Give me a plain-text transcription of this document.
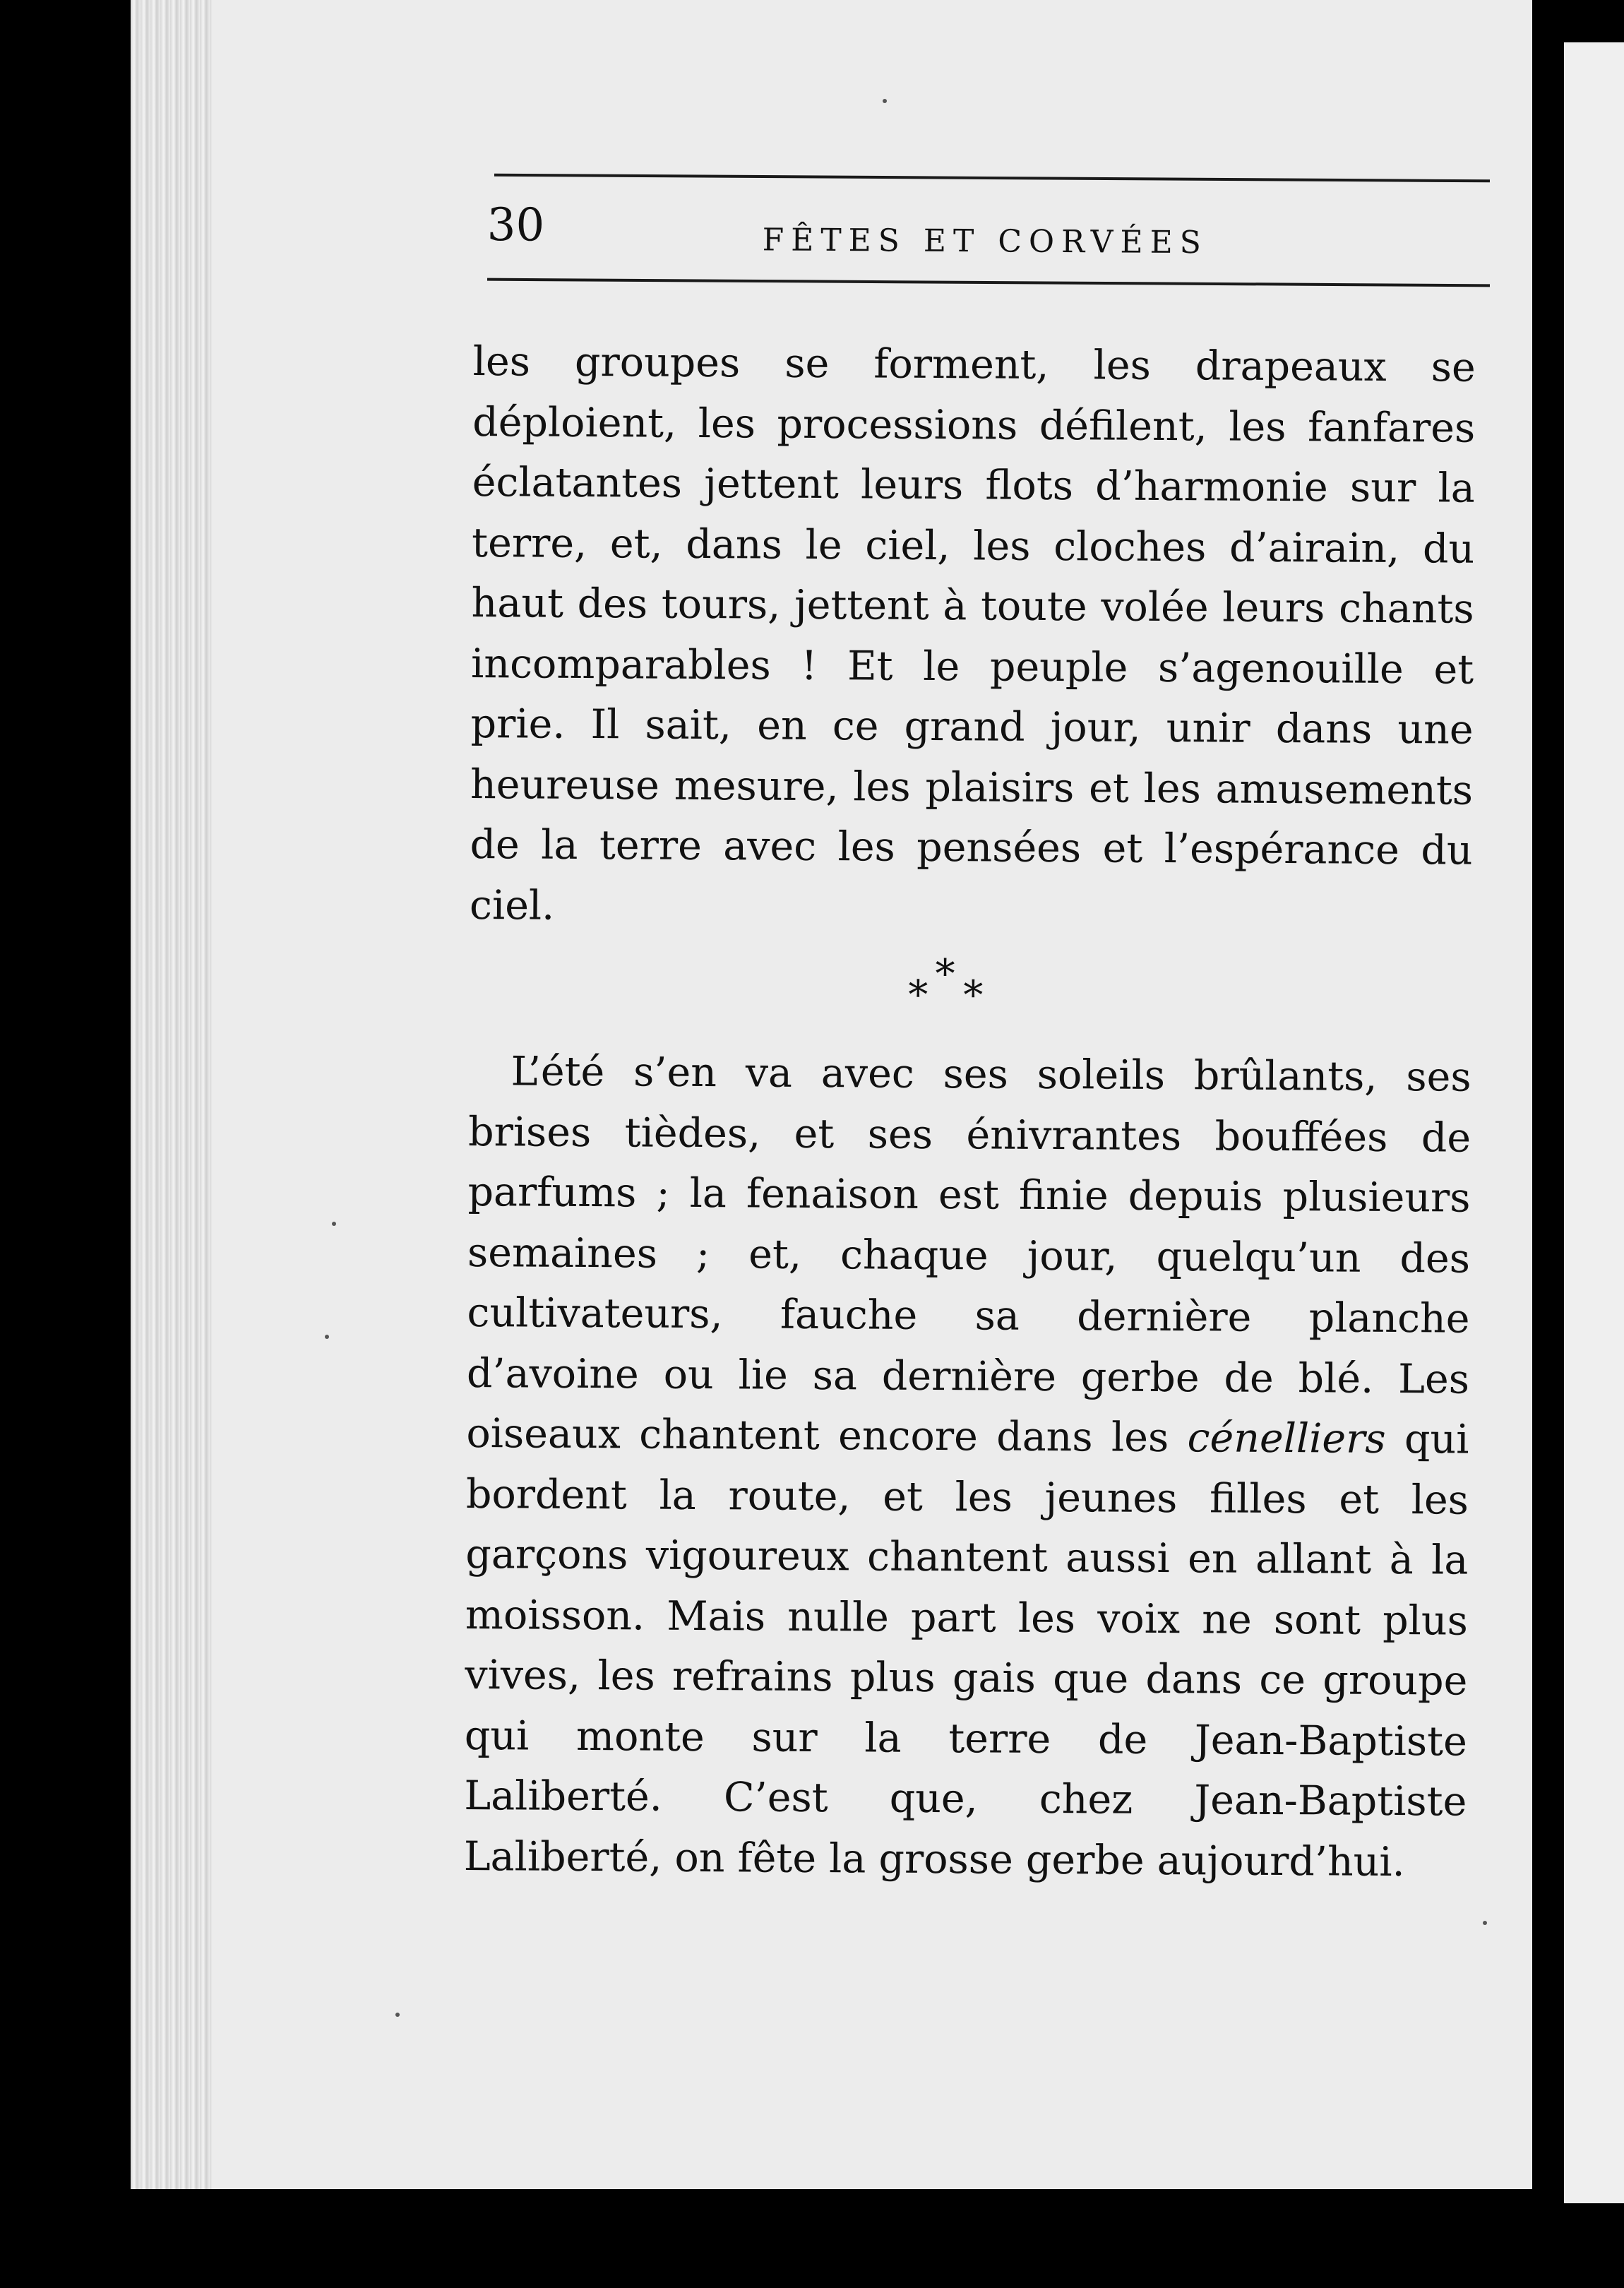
30	FÊTES ET CORVÉES

les groupes se forment, les drapeaux se déploient, les processions défilent, les fanfares éclatantes jettent leurs flots d’harmonie sur la terre, et, dans le ciel, les cloches d’airain, du haut des tours, jettent à toute volée leurs chants incomparables ! Et le peuple s’agenouille et prie. Il sait, en ce grand jour, unir dans une heureuse mesure, les plaisirs et les amusements de la terre avec les pensées et l’espérance du ciel.

*
* *

L’été s’en va avec ses soleils brûlants, ses brises tièdes, et ses énivrantes bouffées de parfums ; la fenaison est finie depuis plusieurs semaines ; et, chaque jour, quelqu’un des cultivateurs, fauche sa dernière planche d’avoine ou lie sa dernière gerbe de blé. Les oiseaux chantent encore dans les cénelliers qui bordent la route, et les jeunes filles et les garçons vigoureux chantent aussi en allant à la moisson. Mais nulle part les voix ne sont plus vives, les refrains plus gais que dans ce groupe qui monte sur la terre de Jean-Baptiste Laliberté. C’est que, chez Jean-Baptiste Laliberté, on fête la grosse gerbe aujourd’hui.
